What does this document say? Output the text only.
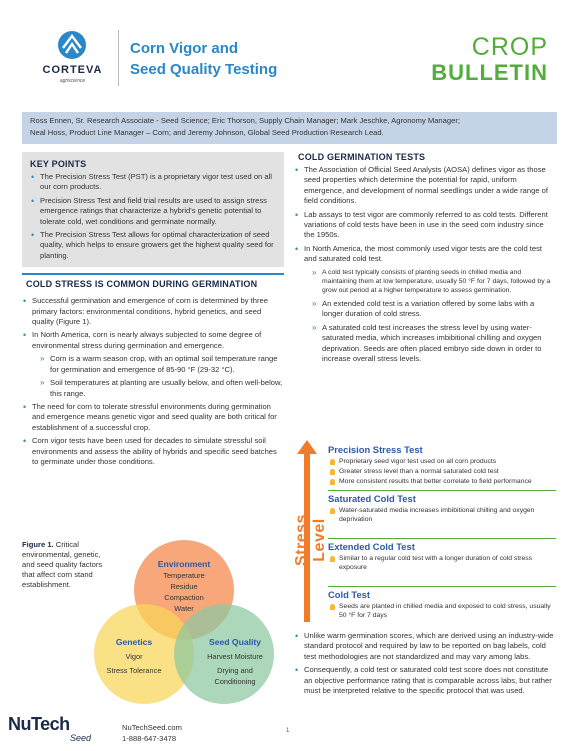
CORTEVA
agriscience
Corn Vigor and
Seed Quality Testing
CROP
BULLETIN
Ross Ennen, Sr. Research Associate - Seed Science; Eric Thorson, Supply Chain Manager; Mark Jeschke, Agronomy Manager;
Neal Hoss, Product Line Manager – Corn; and Jeremy Johnson, Global Seed Production Research Lead.
KEY POINTS
• The Precision Stress Test (PST) is a proprietary vigor test used on all our corn products.
• Precision Stress Test and field trial results are used to assign stress emergence ratings that characterize a hybrid's genetic potential to tolerate cold, wet conditions and germinate normally.
• The Precision Stress Test allows for optimal characterization of seed quality, which helps to ensure growers get the highest quality seed for planting.
COLD STRESS IS COMMON DURING GERMINATION
• Successful germination and emergence of corn is determined by three primary factors: environmental conditions, hybrid genetics, and seed quality (Figure 1).
• In North America, corn is nearly always subjected to some degree of environmental stress during germination and emergence.
» Corn is a warm season crop, with an optimal soil temperature range for germination and emergence of 85-90 °F (29-32 °C).
» Soil temperatures at planting are usually below, and often well-below, this range.
• The need for corn to tolerate stressful environments during germination and emergence means genetic vigor and seed quality are both critical for establishment of a successful crop.
• Corn vigor tests have been used for decades to simulate stressful soil environments and assess the ability of hybrids and specific seed batches to germinate under those conditions.
Figure 1. Critical environmental, genetic, and seed quality factors that affect corn stand establishment.
Environment
Temperature
Residue
Compaction
Water
Genetics
Vigor
Stress Tolerance
Seed Quality
Harvest Moisture
Drying and
Conditioning
COLD GERMINATION TESTS
• The Association of Official Seed Analysts (AOSA) defines vigor as those seed properties which determine the potential for rapid, uniform emergence, and development of normal seedlings under a wide range of field conditions.
• Lab assays to test vigor are commonly referred to as cold tests. Different variations of cold tests have been in use in the seed corn industry since the 1950s.
• In North America, the most commonly used vigor tests are the cold test and saturated cold test.
» A cold test typically consists of planting seeds in chilled media and maintaining them at low temperature, usually 50 °F for 7 days, followed by a grow out period at a higher temperature to assess germination.
» An extended cold test is a variation offered by some labs with a longer duration of cold stress.
» A saturated cold test increases the stress level by using water-saturated media, which increases imbibitional chilling and oxygen deprivation. Seeds are often placed embryo side down in order to increase overall stress levels.
Stress Level
Precision Stress Test
Proprietary seed vigor test used on all corn products
Greater stress level than a normal saturated cold test
More consistent results that better correlate to field performance
Saturated Cold Test
Water-saturated media increases imbibitional chilling and oxygen deprivation
Extended Cold Test
Similar to a regular cold test with a longer duration of cold stress exposure
Cold Test
Seeds are planted in chilled media and exposed to cold stress, usually 50 °F for 7 days
• Unlike warm germination scores, which are derived using an industry-wide standard protocol and required by law to be reported on bag labels, cold test methodologies are not standardized and may vary among labs.
• Consequently, a cold test or saturated cold test score does not constitute an objective performance rating that is comparable across labs, but rather must be interpreted relative to the specific protocol that was used.
NuTech
Seed
NuTechSeed.com
1-888-647-3478
1
